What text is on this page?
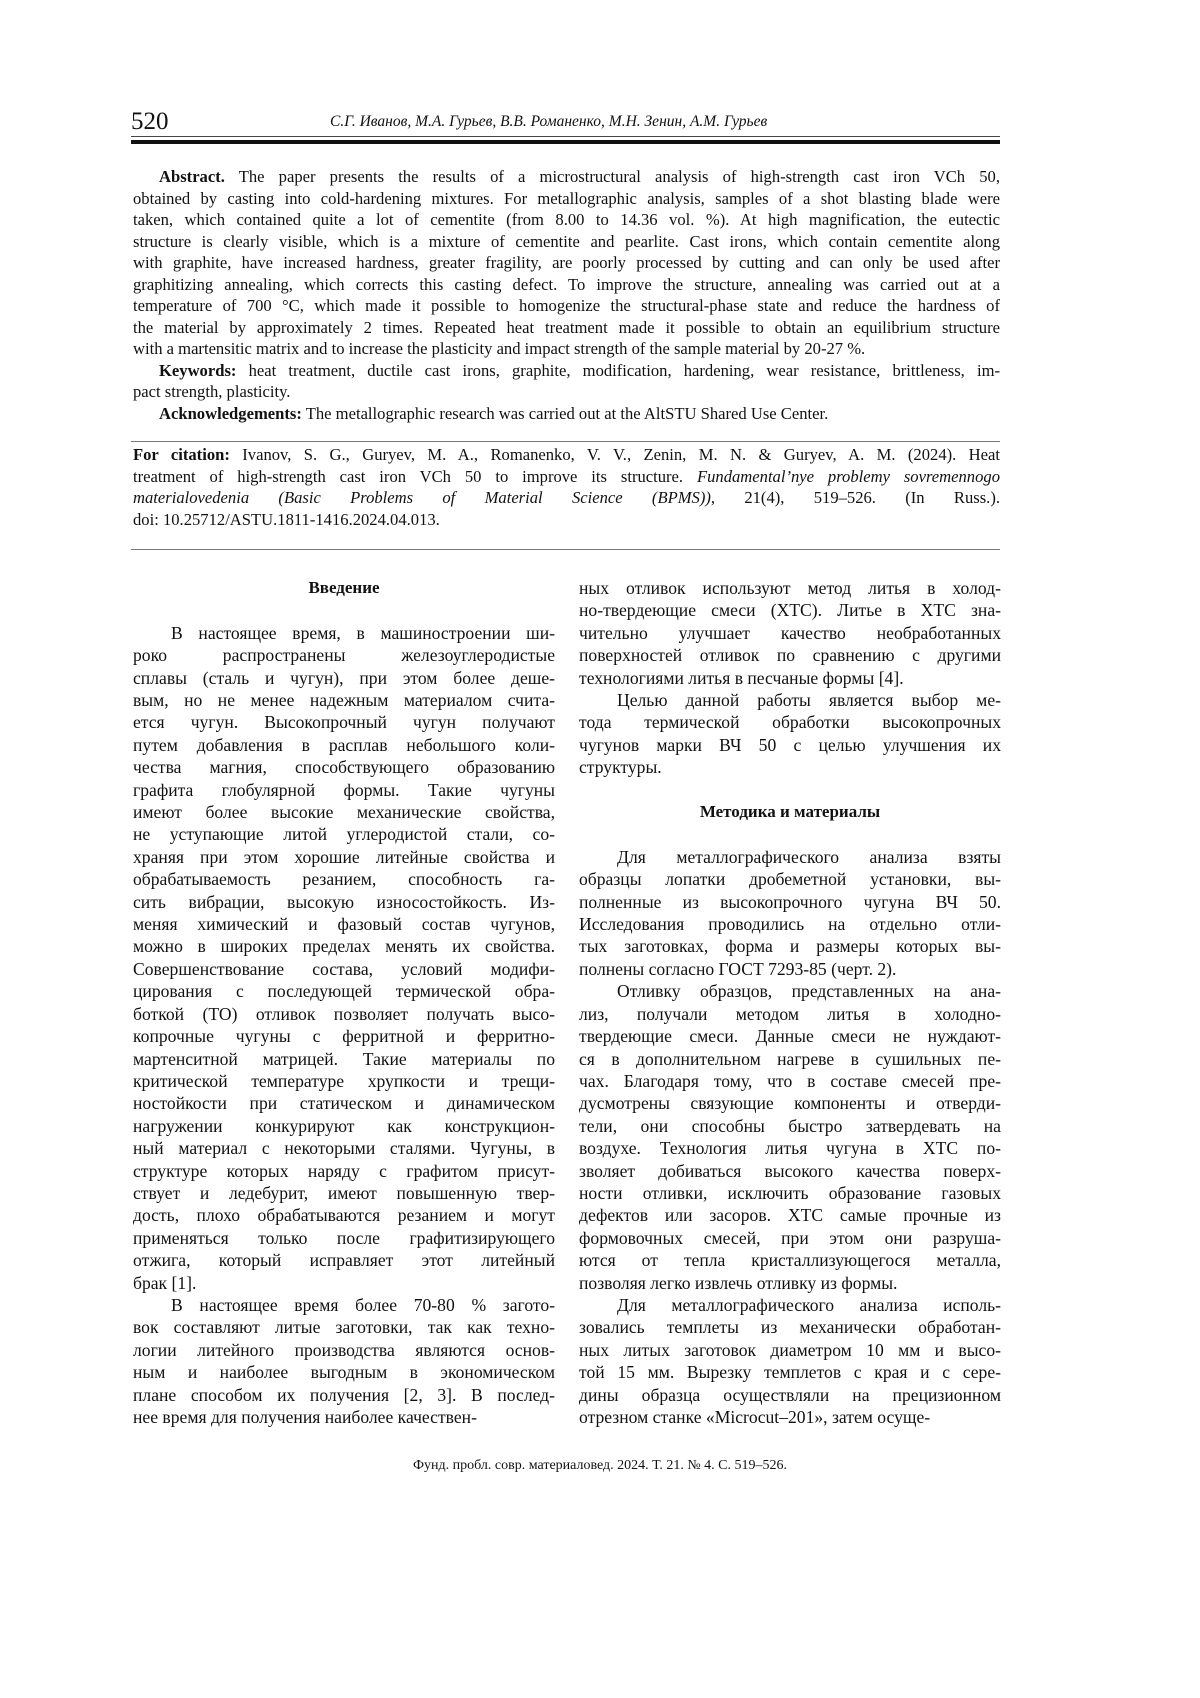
520	С.Г. Иванов, М.А. Гурьев, В.В. Романенко, М.Н. Зенин, А.М. Гурьев
Abstract. The paper presents the results of a microstructural analysis of high-strength cast iron VCh 50,
obtained by casting into cold-hardening mixtures. For metallographic analysis, samples of a shot blasting blade were
taken, which contained quite a lot of cementite (from 8.00 to 14.36 vol. %). At high magnification, the eutectic
structure is clearly visible, which is a mixture of cementite and pearlite. Cast irons, which contain cementite along
with graphite, have increased hardness, greater fragility, are poorly processed by cutting and can only be used after
graphitizing annealing, which corrects this casting defect. To improve the structure, annealing was carried out at a
temperature of 700 °C, which made it possible to homogenize the structural-phase state and reduce the hardness of
the material by approximately 2 times. Repeated heat treatment made it possible to obtain an equilibrium structure
with a martensitic matrix and to increase the plasticity and impact strength of the sample material by 20-27 %.
Keywords: heat treatment, ductile cast irons, graphite, modification, hardening, wear resistance, brittleness, im-
pact strength, plasticity.
Acknowledgements: The metallographic research was carried out at the AltSTU Shared Use Center.
For citation: Ivanov, S. G., Guryev, M. A., Romanenko, V. V., Zenin, M. N. & Guryev, A. M. (2024). Heat
treatment of high-strength cast iron VCh 50 to improve its structure. Fundamental’nye problemy sovremennogo
materialovedenia (Basic Problems of Material Science (BPMS)), 21(4), 519–526. (In Russ.).
doi: 10.25712/ASTU.1811-1416.2024.04.013.
Введение
В настоящее время, в машиностроении ши-
роко распространены железоуглеродистые
сплавы (сталь и чугун), при этом более деше-
вым, но не менее надежным материалом счита-
ется чугун. Высокопрочный чугун получают
путем добавления в расплав небольшого коли-
чества магния, способствующего образованию
графита глобулярной формы. Такие чугуны
имеют более высокие механические свойства,
не уступающие литой углеродистой стали, со-
храняя при этом хорошие литейные свойства и
обрабатываемость резанием, способность га-
сить вибрации, высокую износостойкость. Из-
меняя химический и фазовый состав чугунов,
можно в широких пределах менять их свойства.
Совершенствование состава, условий модифи-
цирования с последующей термической обра-
боткой (ТО) отливок позволяет получать высо-
копрочные чугуны с ферритной и ферритно-
мартенситной матрицей. Такие материалы по
критической температуре хрупкости и трещи-
ностойкости при статическом и динамическом
нагружении конкурируют как конструкцион-
ный материал с некоторыми сталями. Чугуны, в
структуре которых наряду с графитом присут-
ствует и ледебурит, имеют повышенную твер-
дость, плохо обрабатываются резанием и могут
применяться только после графитизирующего
отжига, который исправляет этот литейный
брак [1].
В настоящее время более 70-80 % загото-
вок составляют литые заготовки, так как техно-
логии литейного производства являются основ-
ным и наиболее выгодным в экономическом
плане способом их получения [2, 3]. В послед-
нее время для получения наиболее качествен-
ных отливок используют метод литья в холод-
но-твердеющие смеси (ХТС). Литье в ХТС зна-
чительно улучшает качество необработанных
поверхностей отливок по сравнению с другими
технологиями литья в песчаные формы [4].
Целью данной работы является выбор ме-
тода термической обработки высокопрочных
чугунов марки ВЧ 50 с целью улучшения их
структуры.
Методика и материалы
Для металлографического анализа взяты
образцы лопатки дробеметной установки, вы-
полненные из высокопрочного чугуна ВЧ 50.
Исследования проводились на отдельно отли-
тых заготовках, форма и размеры которых вы-
полнены согласно ГОСТ 7293-85 (черт. 2).
Отливку образцов, представленных на ана-
лиз, получали методом литья в холодно-
твердеющие смеси. Данные смеси не нуждают-
ся в дополнительном нагреве в сушильных пе-
чах. Благодаря тому, что в составе смесей пре-
дусмотрены связующие компоненты и отверди-
тели, они способны быстро затвердевать на
воздухе. Технология литья чугуна в ХТС по-
зволяет добиваться высокого качества поверх-
ности отливки, исключить образование газовых
дефектов или засоров. ХТС самые прочные из
формовочных смесей, при этом они разруша-
ются от тепла кристаллизующегося металла,
позволяя легко извлечь отливку из формы.
Для металлографического анализа исполь-
зовались темплеты из механически обработан-
ных литых заготовок диаметром 10 мм и высо-
той 15 мм. Вырезку темплетов с края и с сере-
дины образца осуществляли на прецизионном
отрезном станке «Microcut–201», затем осуще-
Фунд. пробл. совр. материаловед. 2024. Т. 21. № 4. С. 519–526.
